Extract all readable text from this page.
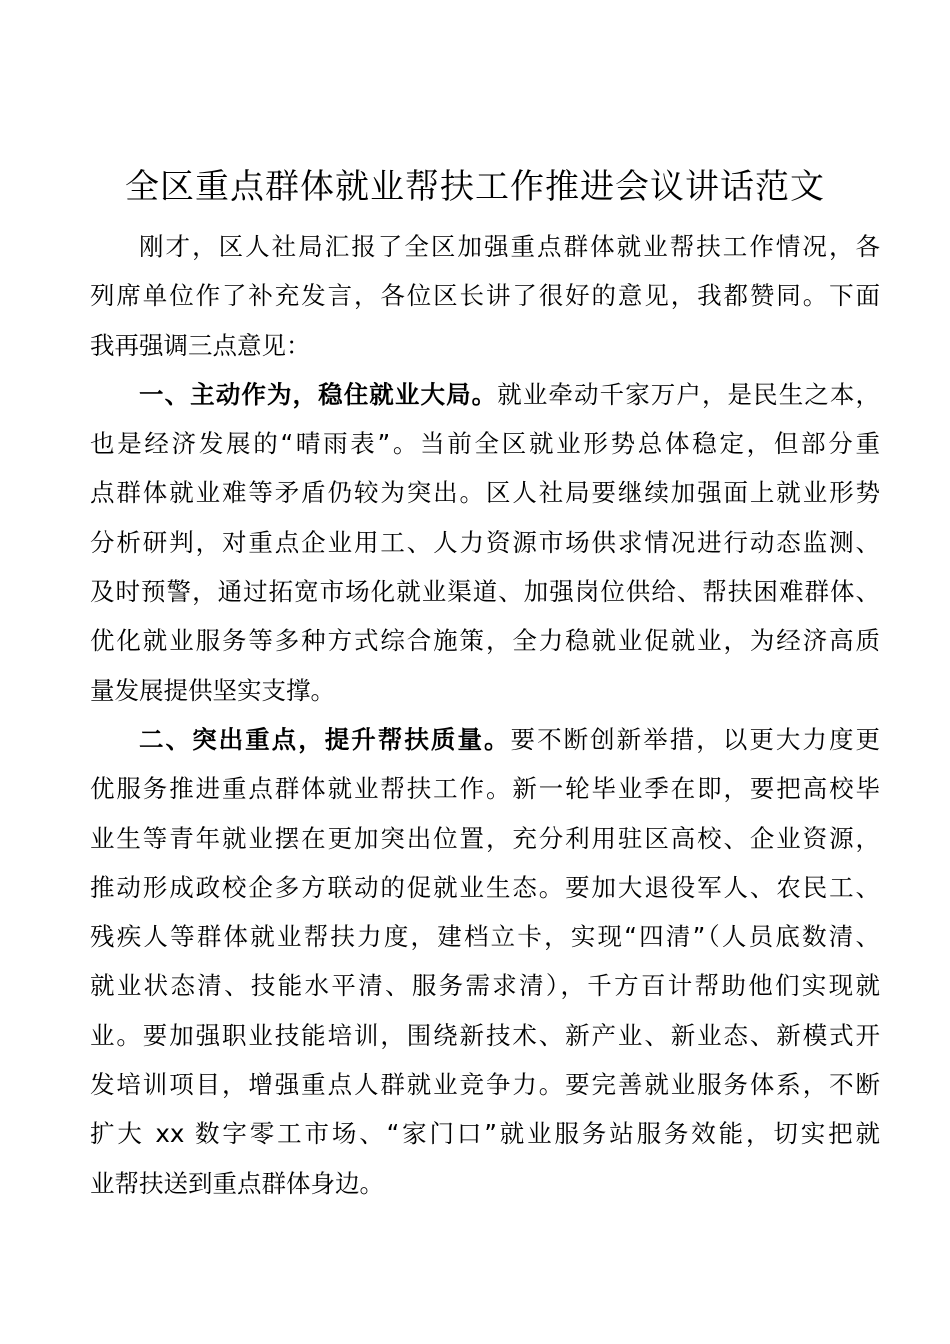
全区重点群体就业帮扶工作推进会议讲话范文
刚才，区人社局汇报了全区加强重点群体就业帮扶工作情况，各
列席单位作了补充发言，各位区长讲了很好的意见，我都赞同。下面
我再强调三点意见：
一、主动作为，稳住就业大局。就业牵动千家万户，是民生之本，
也是经济发展的“晴雨表”。当前全区就业形势总体稳定，但部分重
点群体就业难等矛盾仍较为突出。区人社局要继续加强面上就业形势
分析研判，对重点企业用工、人力资源市场供求情况进行动态监测、
及时预警，通过拓宽市场化就业渠道、加强岗位供给、帮扶困难群体、
优化就业服务等多种方式综合施策，全力稳就业促就业，为经济高质
量发展提供坚实支撑。
二、突出重点，提升帮扶质量。要不断创新举措，以更大力度更
优服务推进重点群体就业帮扶工作。新一轮毕业季在即，要把高校毕
业生等青年就业摆在更加突出位置，充分利用驻区高校、企业资源，
推动形成政校企多方联动的促就业生态。要加大退役军人、农民工、
残疾人等群体就业帮扶力度，建档立卡，实现“四清”（人员底数清、
就业状态清、技能水平清、服务需求清），千方百计帮助他们实现就
业。要加强职业技能培训，围绕新技术、新产业、新业态、新模式开
发培训项目，增强重点人群就业竞争力。要完善就业服务体系，不断
扩大 xx 数字零工市场、“家门口”就业服务站服务效能，切实把就
业帮扶送到重点群体身边。
